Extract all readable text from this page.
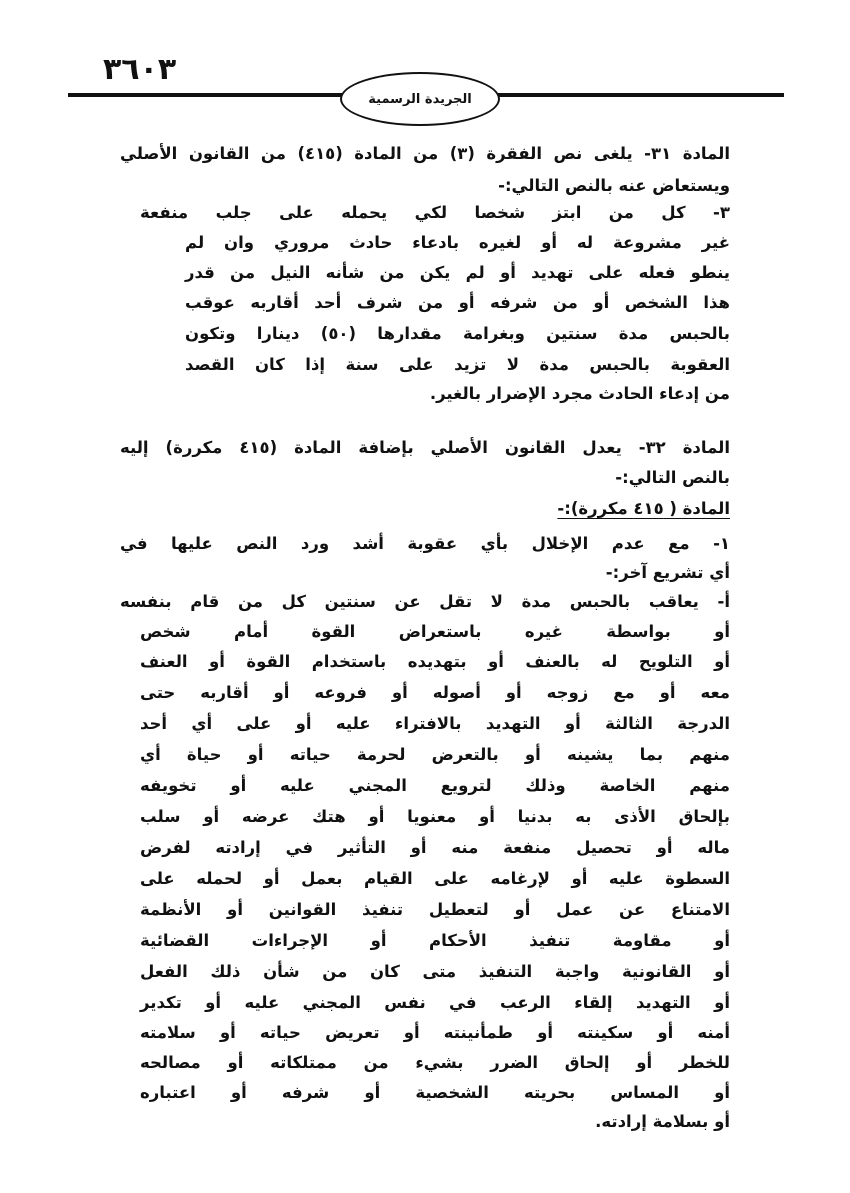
٣٦٠٣
الجريدة الرسمية
المادة ٣١- يلغى نص الفقرة (٣) من المادة (٤١٥) من القانون الأصلي
ويستعاض عنه بالنص التالي:-
٣- كل من ابتز شخصا لكي يحمله على جلب منفعة
غير مشروعة له أو لغيره بادعاء حادث مروري وان لم
ينطو فعله على تهديد أو لم يكن من شأنه النيل من قدر
هذا الشخص أو من شرفه أو من شرف أحد أقاربه عوقب
بالحبس مدة سنتين وبغرامة مقدارها (٥٠) دينارا وتكون
العقوبة بالحبس مدة لا تزيد على سنة إذا كان القصد
من إدعاء الحادث مجرد الإضرار بالغير.
المادة ٣٢- يعدل القانون الأصلي بإضافة المادة (٤١٥ مكررة) إليه
بالنص التالي:-
المادة ( ٤١٥ مكررة):-
١- مع عدم الإخلال بأي عقوبة أشد ورد النص عليها في
أي تشريع آخر:-
أ- يعاقب بالحبس مدة لا تقل عن سنتين كل من قام بنفسه
أو بواسطة غيره باستعراض القوة أمام شخص
أو التلويح له بالعنف أو بتهديده باستخدام القوة أو العنف
معه أو مع زوجه أو أصوله أو فروعه أو أقاربه حتى
الدرجة الثالثة أو التهديد بالافتراء عليه أو على أي أحد
منهم بما يشينه أو بالتعرض لحرمة حياته أو حياة أي
منهم الخاصة وذلك لترويع المجني عليه أو تخويفه
بإلحاق الأذى به بدنيا أو معنويا أو هتك عرضه أو سلب
ماله أو تحصيل منفعة منه أو التأثير في إرادته لفرض
السطوة عليه أو لإرغامه على القيام بعمل أو لحمله على
الامتناع عن عمل أو لتعطيل تنفيذ القوانين أو الأنظمة
أو مقاومة تنفيذ الأحكام أو الإجراءات القضائية
أو القانونية واجبة التنفيذ متى كان من شأن ذلك الفعل
أو التهديد إلقاء الرعب في نفس المجني عليه أو تكدير
أمنه أو سكينته أو طمأنينته أو تعريض حياته أو سلامته
للخطر أو إلحاق الضرر بشيء من ممتلكاته أو مصالحه
أو المساس بحريته الشخصية أو شرفه أو اعتباره
أو بسلامة إرادته.
